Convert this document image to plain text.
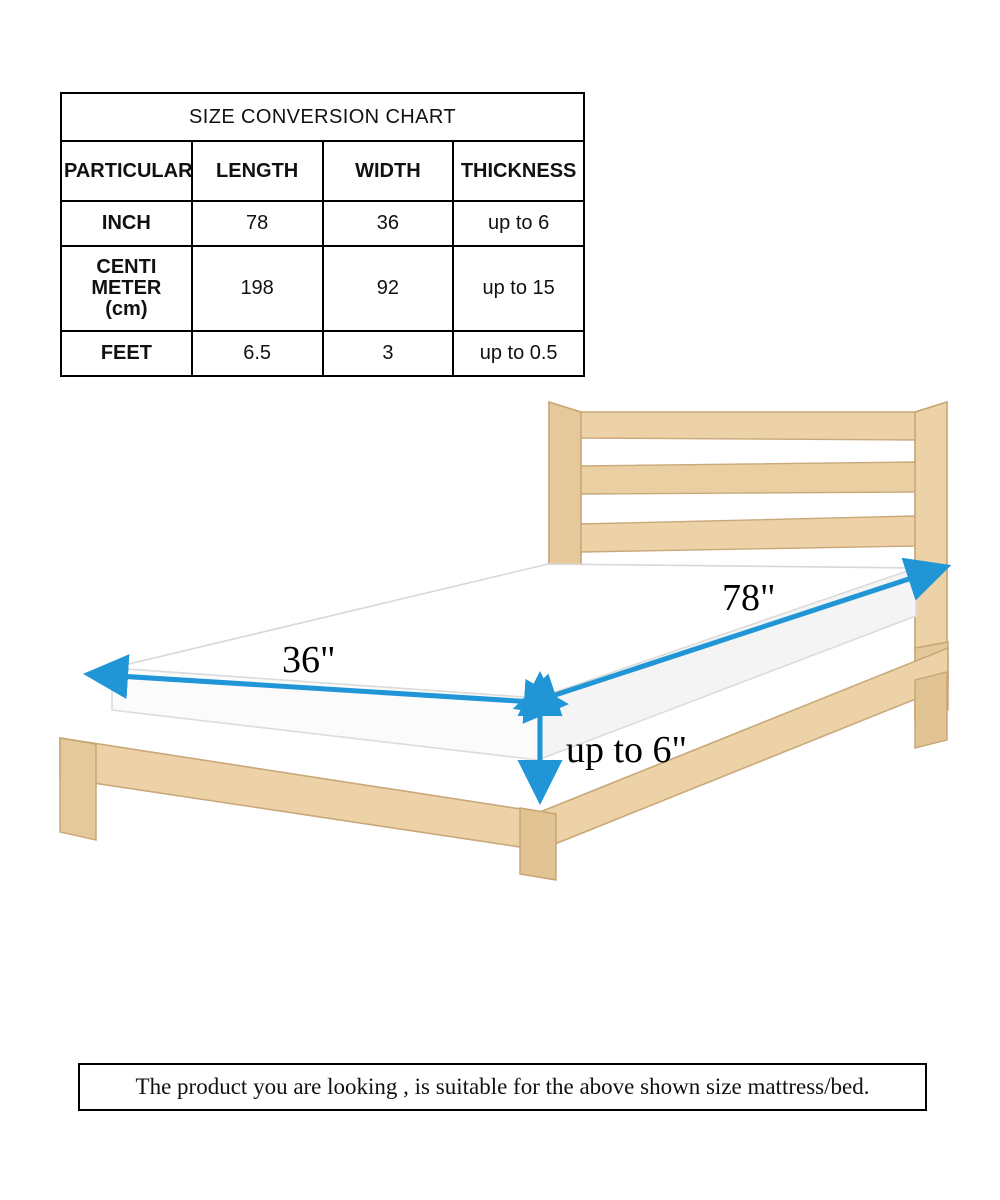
SIZE CONVERSION CHART			
PARTICULAR	LENGTH	WIDTH	THICKNESS
INCH	78	36	up to 6

CENTI METER
(cm)	198	92	up to 15
FEET	6.5	3	up to 0.5
36"
78"
up to 6"
The product you are looking , is suitable for the above shown size mattress/bed.
